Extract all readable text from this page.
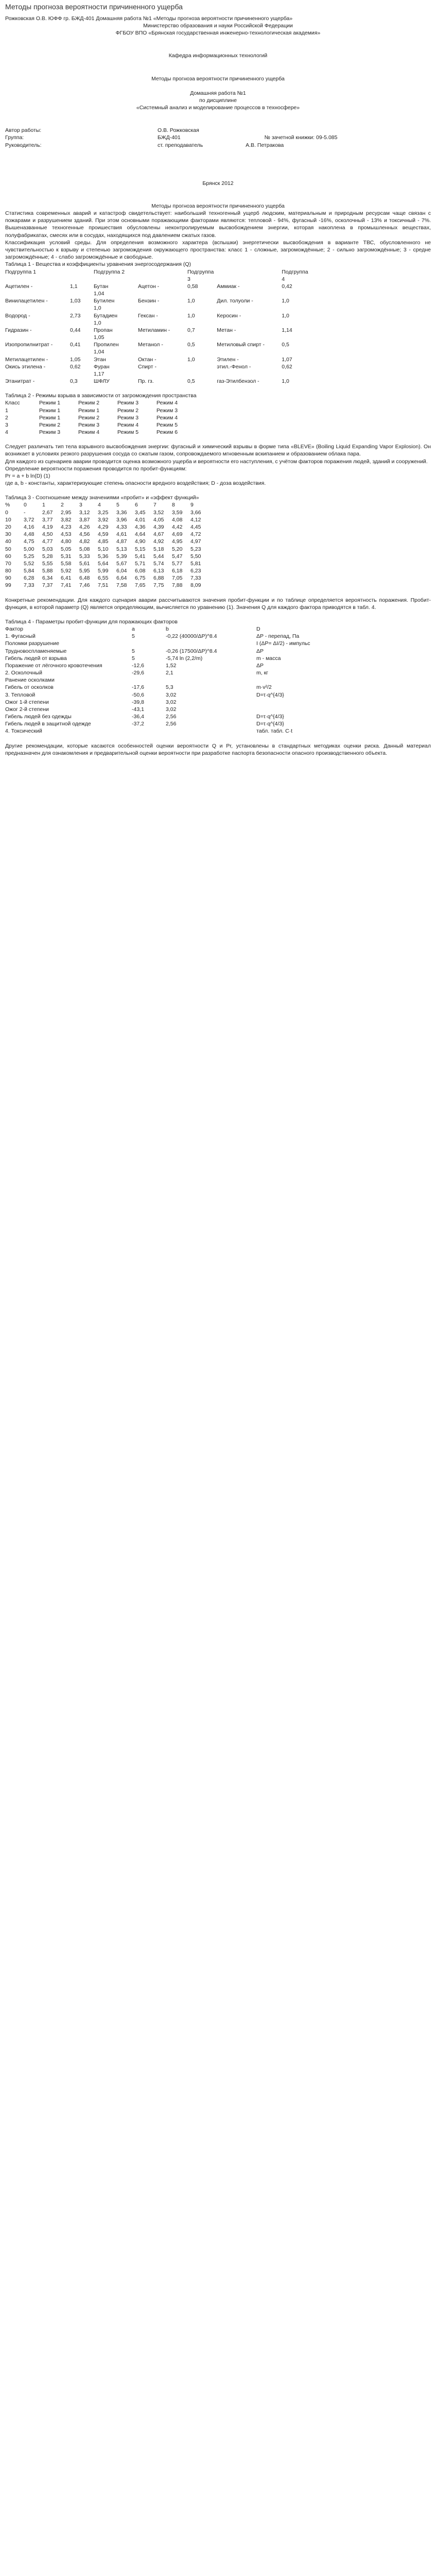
Методы прогноза вероятности причиненного ущерба

Рожковская О.В. ЮФФ гр. БЖД-401 Домашняя работа №1 «Методы прогноза вероятности причиненного ущерба»

Министерство образования и науки Российской Федерации

ФГБОУ ВПО «Брянская государственная инженерно-технологическая академия»

Кафедра информационных технологий

Методы прогноза вероятности причиненного ущерба

Домашняя работа №1

по дисциплине

«Системный анализ и моделирование процессов в техносфере»

Автор работы:	О.В. Рожковская
Группа:	БЖД-401 № зачетной книжки: 09-5.085
Руководитель:	ст. преподаватель А.В. Петракова

Брянск 2012

Методы прогноза вероятности причиненного ущерба

Статистика современных аварий и катастроф свидетельствует: наибольший техногенный ущерб людским, материальным и природным ресурсам чаще связан с пожарами и разрушением зданий. При этом основными поражающими факторами являются: тепловой - 94%, фугасный -16%, осколочный - 13% и токсичный - 7%. Вышеназванные техногенные проишествия обусловлены неконтролируемым высвобождением энергии, которая накоплена в промышленных веществах, полуфабрикатах, смесях или в сосудах, находящихся под давлением сжатых газов.

Классификация условий среды. Для определения возможного характера (вспышки) энергетически высвобождения в варианте ТВС, обусловленного не чувствительностью к взрыву и степенью загромождения окружающего пространства: класс 1 - сложные, загромождённые; 2 - сильно загромождённые; 3 - средне загромождённые; 4 - слабо загромождённые и свободные.

Таблица 1 - Вещества и коэффициенты уравнения энергосодержания (Q)

Подгруппа 1		Подгруппа 2		Подгруппа 3		Подгруппа 4	
Ацетилен -	1,1	Бутан	Ацетон -	0,58	Аммиак -	0,42	
		1,04					
Винилацетилен -	1,03	Бутилен	Бензин -	1,0	Дил. толуоли -	1,0	
		1,0					
Водород -	2,73	Бутадиен	Гексан -	1,0	Керосин -	1,0	
		1,0					
Гидразин -	0,44	Пропан	Метиламин -	0,7	Метан -	1,14	
		1,05					
Изопропилнитрат -	0,41	Пропилен	Метанол -	0,5	Метиловый спирт -	0,5	
		1,04					
Метилацетилен -	1,05	Этан	Октан -	1,0	Этилен -	1,07	
Окись этилена -	0,62	Фуран	Спирт -		этил.-Фенол -	0,62	
		1,17					
Этанитрат -	0,3	ШФЛУ	Пр. гз.	0,5	газ-Этилбензол -	1,0	

Таблица 2 - Режимы взрыва в зависимости от загромождения пространства

Класс	Режим 1	Режим 2	Режим 3	Режим 4
1	Режим 1	Режим 1	Режим 2	Режим 3
2	Режим 1	Режим 2	Режим 3	Режим 4
3	Режим 2	Режим 3	Режим 4	Режим 5
4	Режим 3	Режим 4	Режим 5	Режим 6

Следует различать тип тела взрывного высвобождения энергии: фугасный и химический взрывы в форме типа «BLEVE» (Boiling Liquid Expanding Vapor Explosion). Он возникает в условиях резкого разрушения сосуда со сжатым газом, сопровождаемого мгновенным вскипанием и образованием облака пара.

Для каждого из сценариев аварии проводится оценка возможного ущерба и вероятности его наступления, с учётом факторов поражения людей, зданий и сооружений.

Определение вероятности поражения проводится по пробит-функциям:

Pr = a + b ln(D) (1)

где а, b - константы, характеризующие степень опасности вредного воздействия; D - доза воздействия.

Таблица 3 - Соотношение между значениями «пробит» и «эффект функций»

%	0	1	2	3	4	5	6	7	8	9
0	-	2,67	2,95	3,12	3,25	3,36	3,45	3,52	3,59	3,66
10	3,72	3,77	3,82	3,87	3,92	3,96	4,01	4,05	4,08	4,12
20	4,16	4,19	4,23	4,26	4,29	4,33	4,36	4,39	4,42	4,45
30	4,48	4,50	4,53	4,56	4,59	4,61	4,64	4,67	4,69	4,72
40	4,75	4,77	4,80	4,82	4,85	4,87	4,90	4,92	4,95	4,97
50	5,00	5,03	5,05	5,08	5,10	5,13	5,15	5,18	5,20	5,23
60	5,25	5,28	5,31	5,33	5,36	5,39	5,41	5,44	5,47	5,50
70	5,52	5,55	5,58	5,61	5,64	5,67	5,71	5,74	5,77	5,81
80	5,84	5,88	5,92	5,95	5,99	6,04	6,08	6,13	6,18	6,23
90	6,28	6,34	6,41	6,48	6,55	6,64	6,75	6,88	7,05	7,33
99	7,33	7,37	7,41	7,46	7,51	7,58	7,65	7,75	7,88	8,09

Конкретные рекомендации. Для каждого сценария аварии рассчитываются значения пробит-функции и по таблице определяется вероятность поражения. Пробит-функция, в которой параметр (Q) является определяющим, вычисляется по уравнению (1). Значения Q для каждого фактора приводятся в табл. 4.

Таблица 4 - Параметры пробит-функции для поражающих факторов

Фактор	a	b	D
1. Фугасный	5	-0,22 (40000/ΔP)^8.4	ΔP - перепад, Па
Поломки разрушение			I (ΔP= ΔI/2) - импульс
Трудновоспламеняемые	5	-0,26 (17500/ΔP)^8.4	ΔP
Гибель людей от взрыва	5	-5,74 ln (2,2/m)	m - масса
Поражение от лёгочного кровотечения	-12,6	1,52	ΔP
2. Осколочный	-29,6	2,1	m, кг
Ранение осколками			
Гибель от осколков	-17,6	5,3	m·v²/2
3. Тепловой	-50,6	3,02	D=τ·q^{4/3}
Ожог 1-й степени	-39,8	3,02	
Ожог 2-й степени	-43,1	3,02	
Гибель людей без одежды	-36,4	2,56	D=τ·q^{4/3}
Гибель людей в защитной одежде	-37,2	2,56	D=τ·q^{4/3}
4. Токсический			табл. табл. C·t

Другие рекомендации, которые касаются особенностей оценки вероятности Q и Pr, установлены в стандартных методиках оценки риска. Данный материал предназначен для ознакомления и предварительной оценки вероятности при разработке паспорта безопасности опасного производственного объекта.
